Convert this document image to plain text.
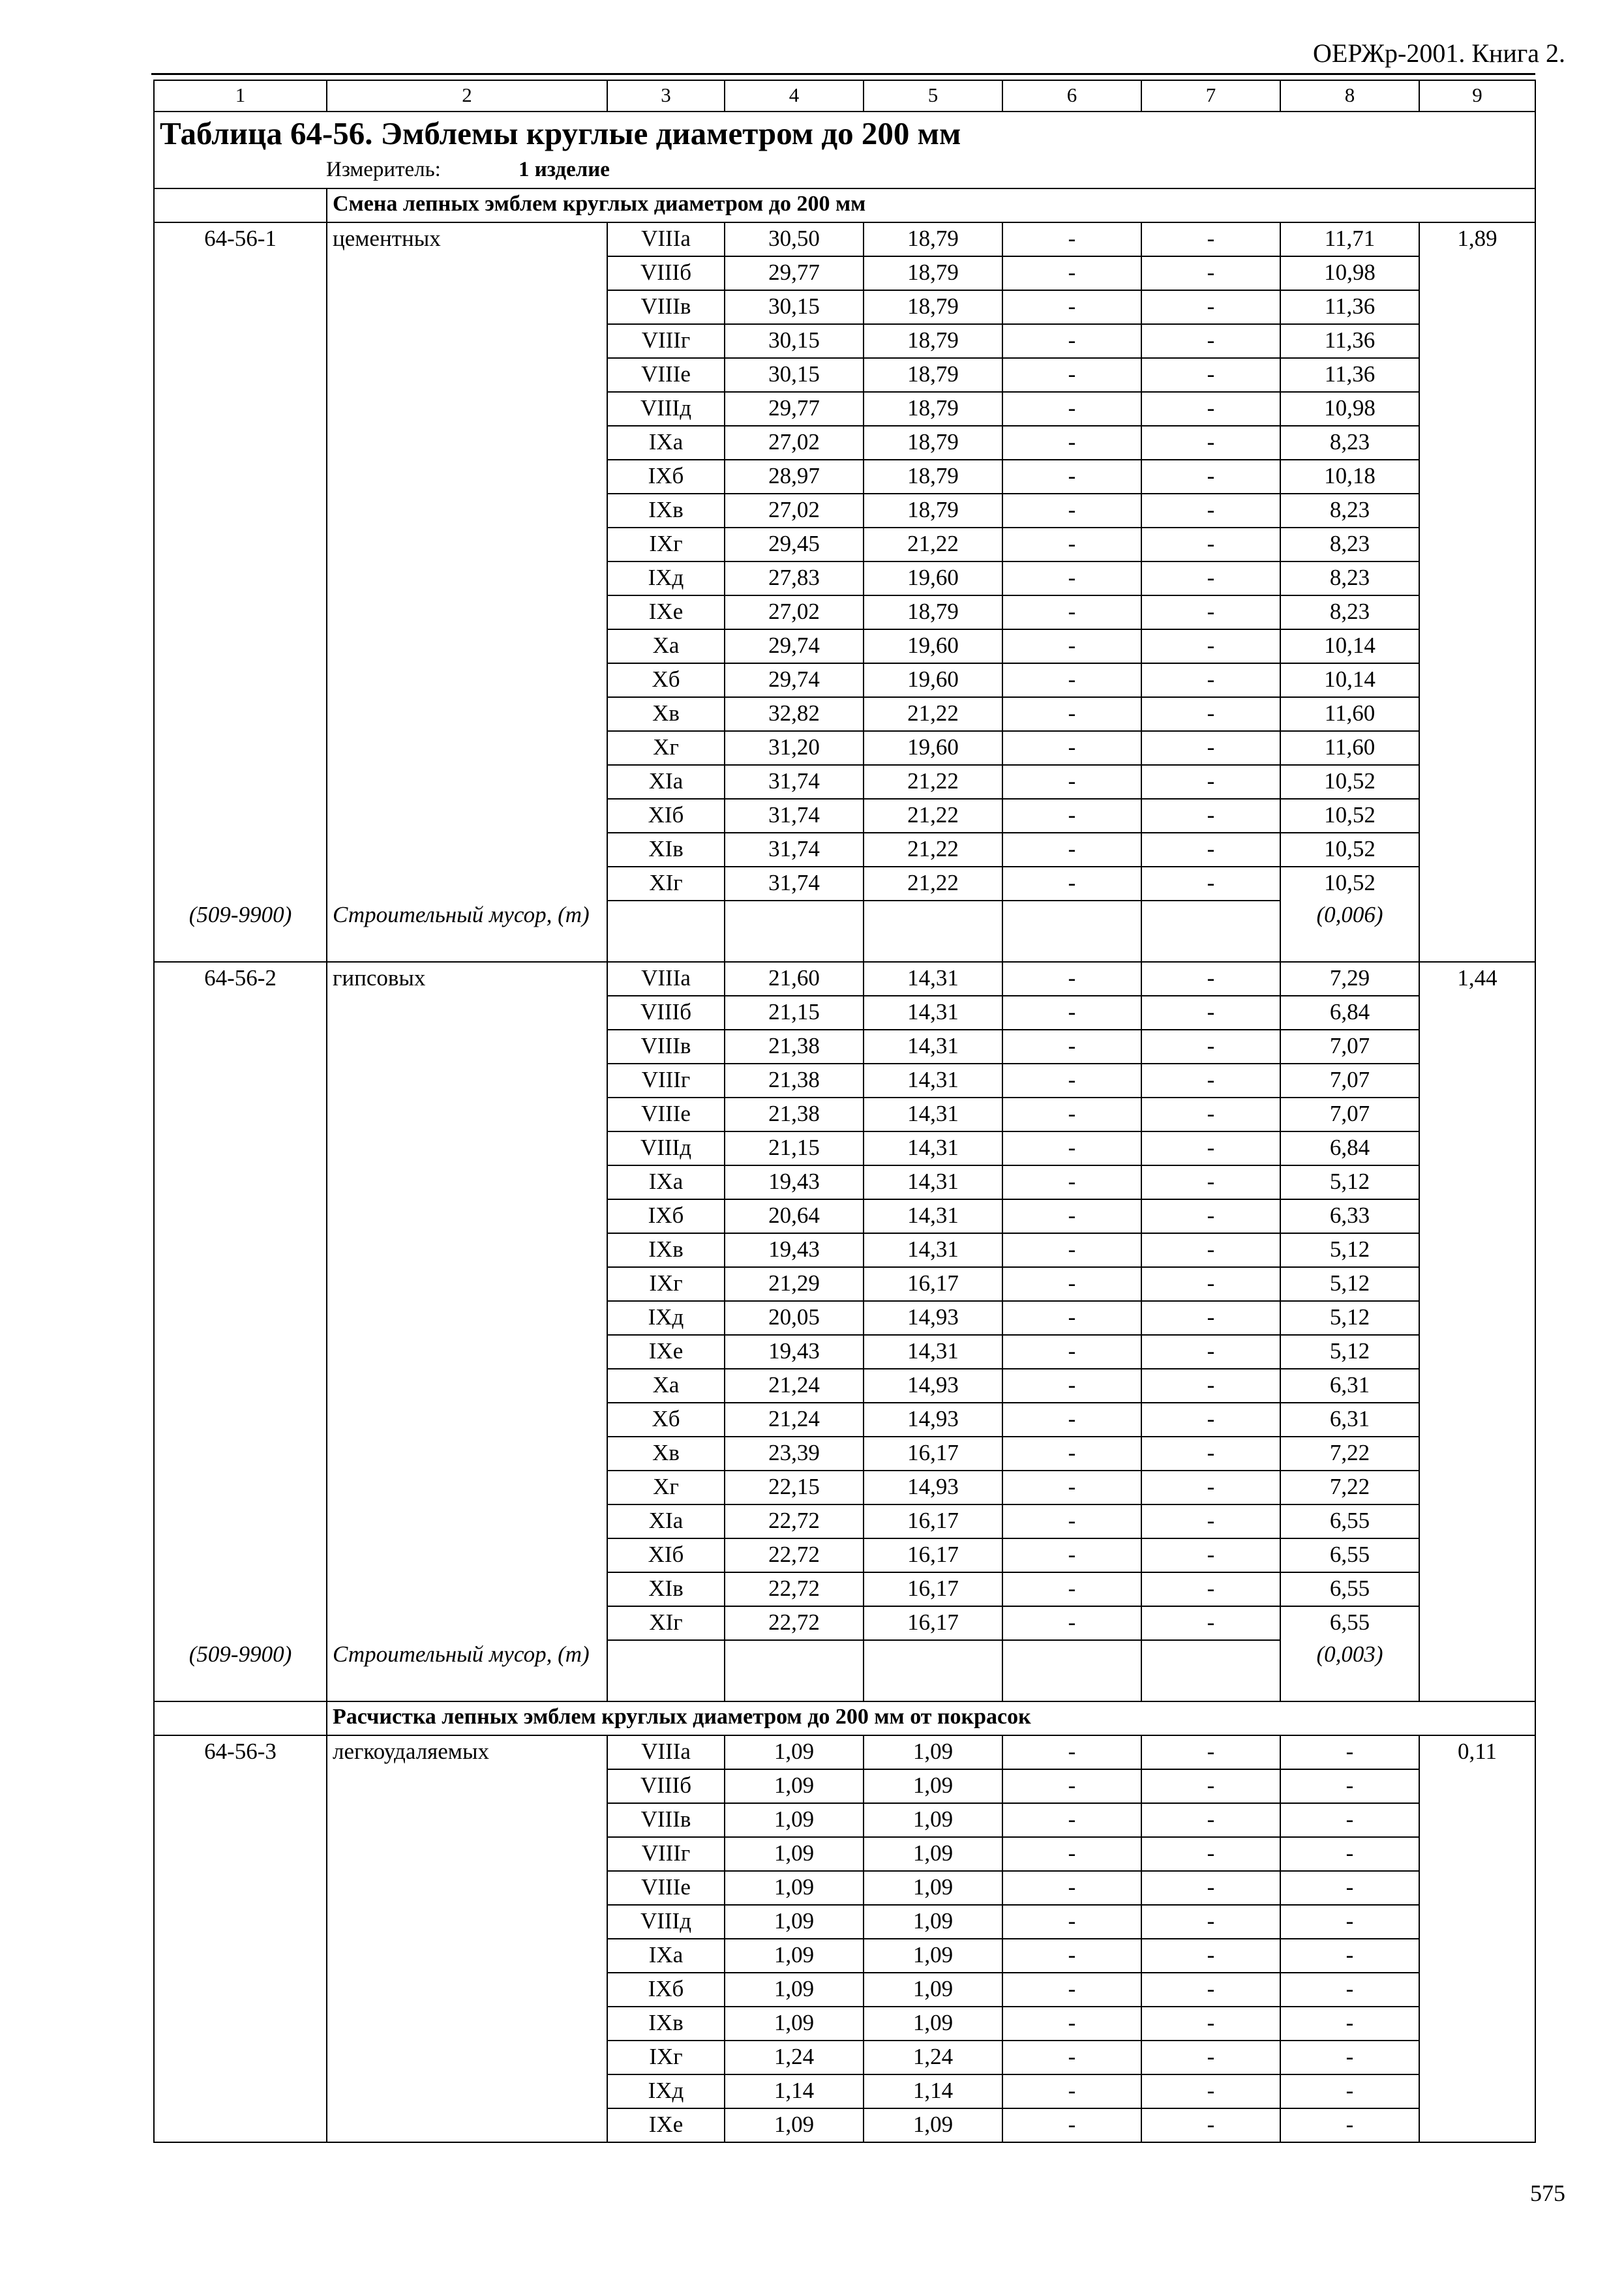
ОЕРЖр-2001. Книга 2.
1	2	3	4	5	6	7	8	9
Таблица 64-56. Эмблемы круглые диаметром до 200 мм								
Измеритель: 1 изделие								
	Смена лепных эмблем круглых диаметром до 200 мм							
64-56-1	цементных	VIIIa	30,50	18,79	-	-	11,71	1,89
		VIIIб	29,77	18,79	-	-	10,98	
		VIIIв	30,15	18,79	-	-	11,36	
		VIIIг	30,15	18,79	-	-	11,36	
		VIIIe	30,15	18,79	-	-	11,36	
		VIIIд	29,77	18,79	-	-	10,98	
		IXa	27,02	18,79	-	-	8,23	
		IXб	28,97	18,79	-	-	10,18	
		IXв	27,02	18,79	-	-	8,23	
		IXг	29,45	21,22	-	-	8,23	
		IXд	27,83	19,60	-	-	8,23	
		IXe	27,02	18,79	-	-	8,23	
		Xa	29,74	19,60	-	-	10,14	
		Xб	29,74	19,60	-	-	10,14	
		Xв	32,82	21,22	-	-	11,60	
		Xг	31,20	19,60	-	-	11,60	
		XIa	31,74	21,22	-	-	10,52	
		XIб	31,74	21,22	-	-	10,52	
		XIв	31,74	21,22	-	-	10,52	
		XIг	31,74	21,22	-	-	10,52	
(509-9900)	Строительный мусор, (т)						(0,006)	
64-56-2	гипсовых	VIIIa	21,60	14,31	-	-	7,29	1,44
		VIIIб	21,15	14,31	-	-	6,84	
		VIIIв	21,38	14,31	-	-	7,07	
		VIIIг	21,38	14,31	-	-	7,07	
		VIIIe	21,38	14,31	-	-	7,07	
		VIIIд	21,15	14,31	-	-	6,84	
		IXa	19,43	14,31	-	-	5,12	
		IXб	20,64	14,31	-	-	6,33	
		IXв	19,43	14,31	-	-	5,12	
		IXг	21,29	16,17	-	-	5,12	
		IXд	20,05	14,93	-	-	5,12	
		IXe	19,43	14,31	-	-	5,12	
		Xa	21,24	14,93	-	-	6,31	
		Xб	21,24	14,93	-	-	6,31	
		Xв	23,39	16,17	-	-	7,22	
		Xг	22,15	14,93	-	-	7,22	
		XIa	22,72	16,17	-	-	6,55	
		XIб	22,72	16,17	-	-	6,55	
		XIв	22,72	16,17	-	-	6,55	
		XIг	22,72	16,17	-	-	6,55	
(509-9900)	Строительный мусор, (т)						(0,003)	
	Расчистка лепных эмблем круглых диаметром до 200 мм от покрасок							
64-56-3	легкоудаляемых	VIIIa	1,09	1,09	-	-	-	0,11
		VIIIб	1,09	1,09	-	-	-	
		VIIIв	1,09	1,09	-	-	-	
		VIIIг	1,09	1,09	-	-	-	
		VIIIe	1,09	1,09	-	-	-	
		VIIIд	1,09	1,09	-	-	-	
		IXa	1,09	1,09	-	-	-	
		IXб	1,09	1,09	-	-	-	
		IXв	1,09	1,09	-	-	-	
		IXг	1,24	1,24	-	-	-	
		IXд	1,14	1,14	-	-	-	
		IXe	1,09	1,09	-	-	-	
575
